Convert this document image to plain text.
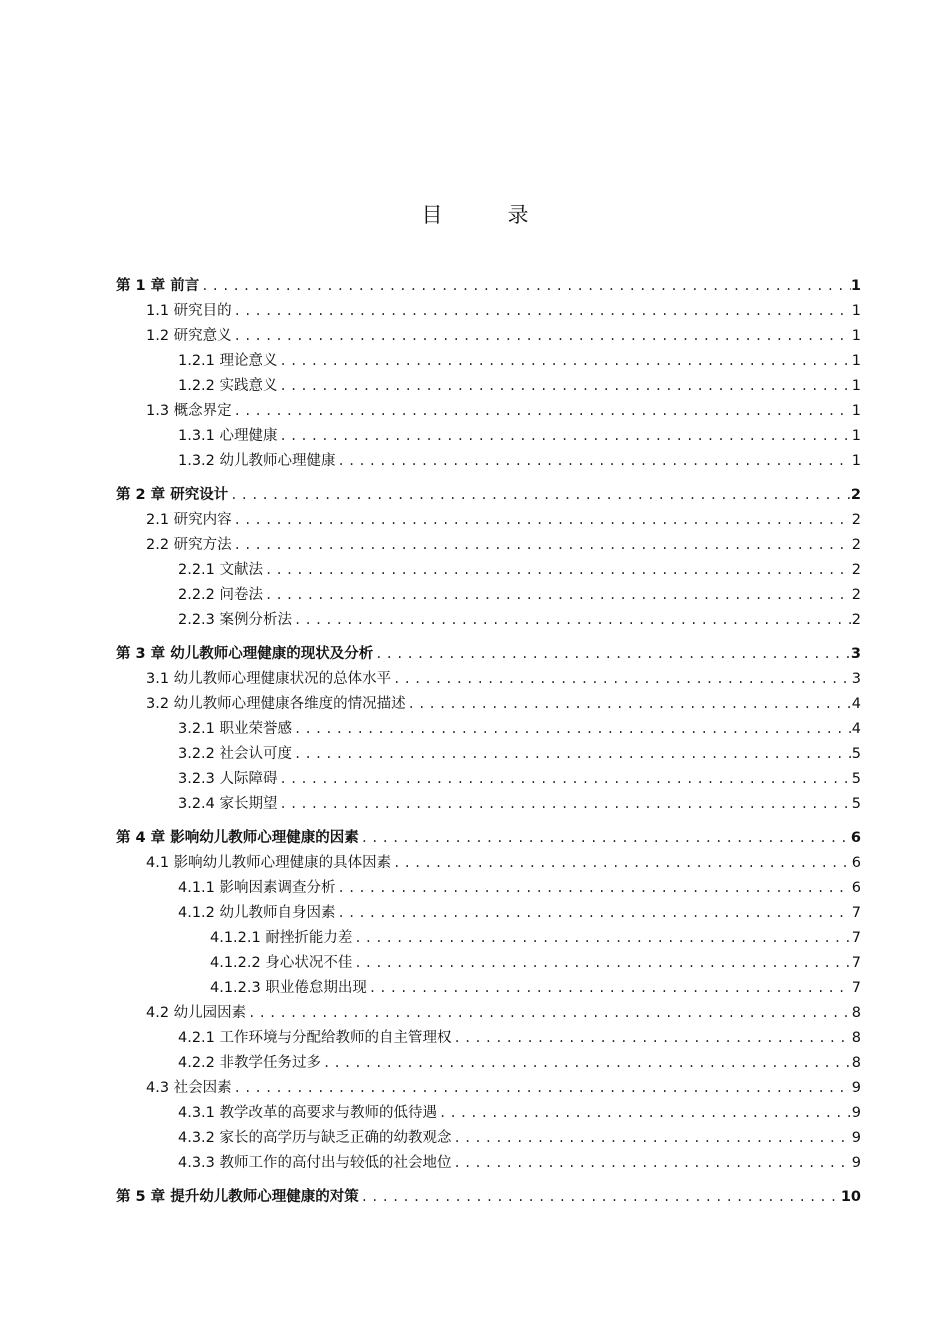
目　录
第 1 章 前言 .....	1
1.1 研究目的 .....	1
1.2 研究意义 .....	1
1.2.1 理论意义 .....	1
1.2.2 实践意义 .....	1
1.3 概念界定 .....	1
1.3.1 心理健康 .....	1
1.3.2 幼儿教师心理健康 .....	1
第 2 章 研究设计 .....	2
2.1 研究内容 .....	2
2.2 研究方法 .....	2
2.2.1 文献法 .....	2
2.2.2 问卷法 .....	2
2.2.3 案例分析法 .....	2
第 3 章 幼儿教师心理健康的现状及分析 .....	3
3.1 幼儿教师心理健康状况的总体水平 .....	3
3.2 幼儿教师心理健康各维度的情况描述 .....	4
3.2.1 职业荣誉感 .....	4
3.2.2 社会认可度 .....	5
3.2.3 人际障碍 .....	5
3.2.4 家长期望 .....	5
第 4 章 影响幼儿教师心理健康的因素 .....	6
4.1 影响幼儿教师心理健康的具体因素 .....	6
4.1.1 影响因素调查分析 .....	6
4.1.2 幼儿教师自身因素 .....	7
4.1.2.1 耐挫折能力差 .....	7
4.1.2.2 身心状况不佳 .....	7
4.1.2.3 职业倦怠期出现 .....	7
4.2 幼儿园因素 .....	8
4.2.1 工作环境与分配给教师的自主管理权 .....	8
4.2.2 非教学任务过多 .....	8
4.3 社会因素 .....	9
4.3.1 教学改革的高要求与教师的低待遇 .....	9
4.3.2 家长的高学历与缺乏正确的幼教观念 .....	9
4.3.3 教师工作的高付出与较低的社会地位 .....	9
第 5 章 提升幼儿教师心理健康的对策 .....	10
